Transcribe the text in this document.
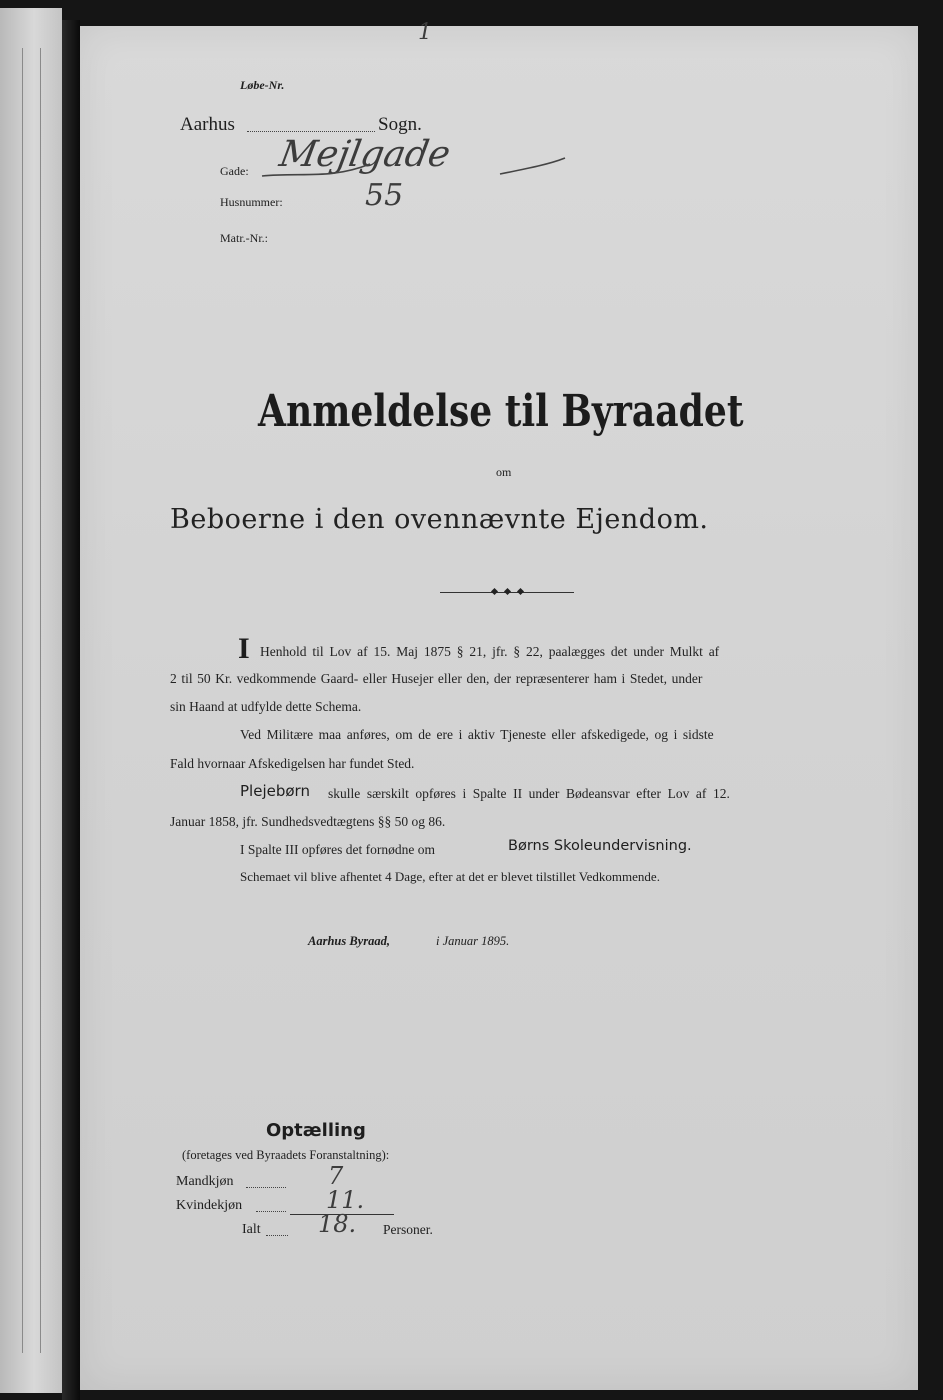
1
Løbe-Nr.
Aarhus	Sogn.
Gade: Mejlgade
Husnummer:	55
Matr.-Nr.:
Anmeldelse til Byraadet
om
Beboerne i den ovennævnte Ejendom.
I Henhold til Lov af 15. Maj 1875 § 21, jfr. § 22, paalægges det under Mulkt af
2 til 50 Kr. vedkommende Gaard- eller Husejer eller den, der repræsenterer ham i Stedet, under
sin Haand at udfylde dette Schema.
Ved Militære maa anføres, om de ere i aktiv Tjeneste eller afskedigede, og i sidste
Fald hvornaar Afskedigelsen har fundet Sted.
Plejebørn skulle særskilt opføres i Spalte II under Bødeansvar efter Lov af 12.
Januar 1858, jfr. Sundhedsvedtægtens §§ 50 og 86.
I Spalte III opføres det fornødne om	Børns Skoleundervisning.
Schemaet vil blive afhentet 4 Dage, efter at det er blevet tilstillet Vedkommende.
Aarhus Byraad,	i Januar 1895.
Optælling
(foretages ved Byraadets Foranstaltning):
Mandkjøn	7
Kvindekjøn	11.
Ialt 18. Personer.
